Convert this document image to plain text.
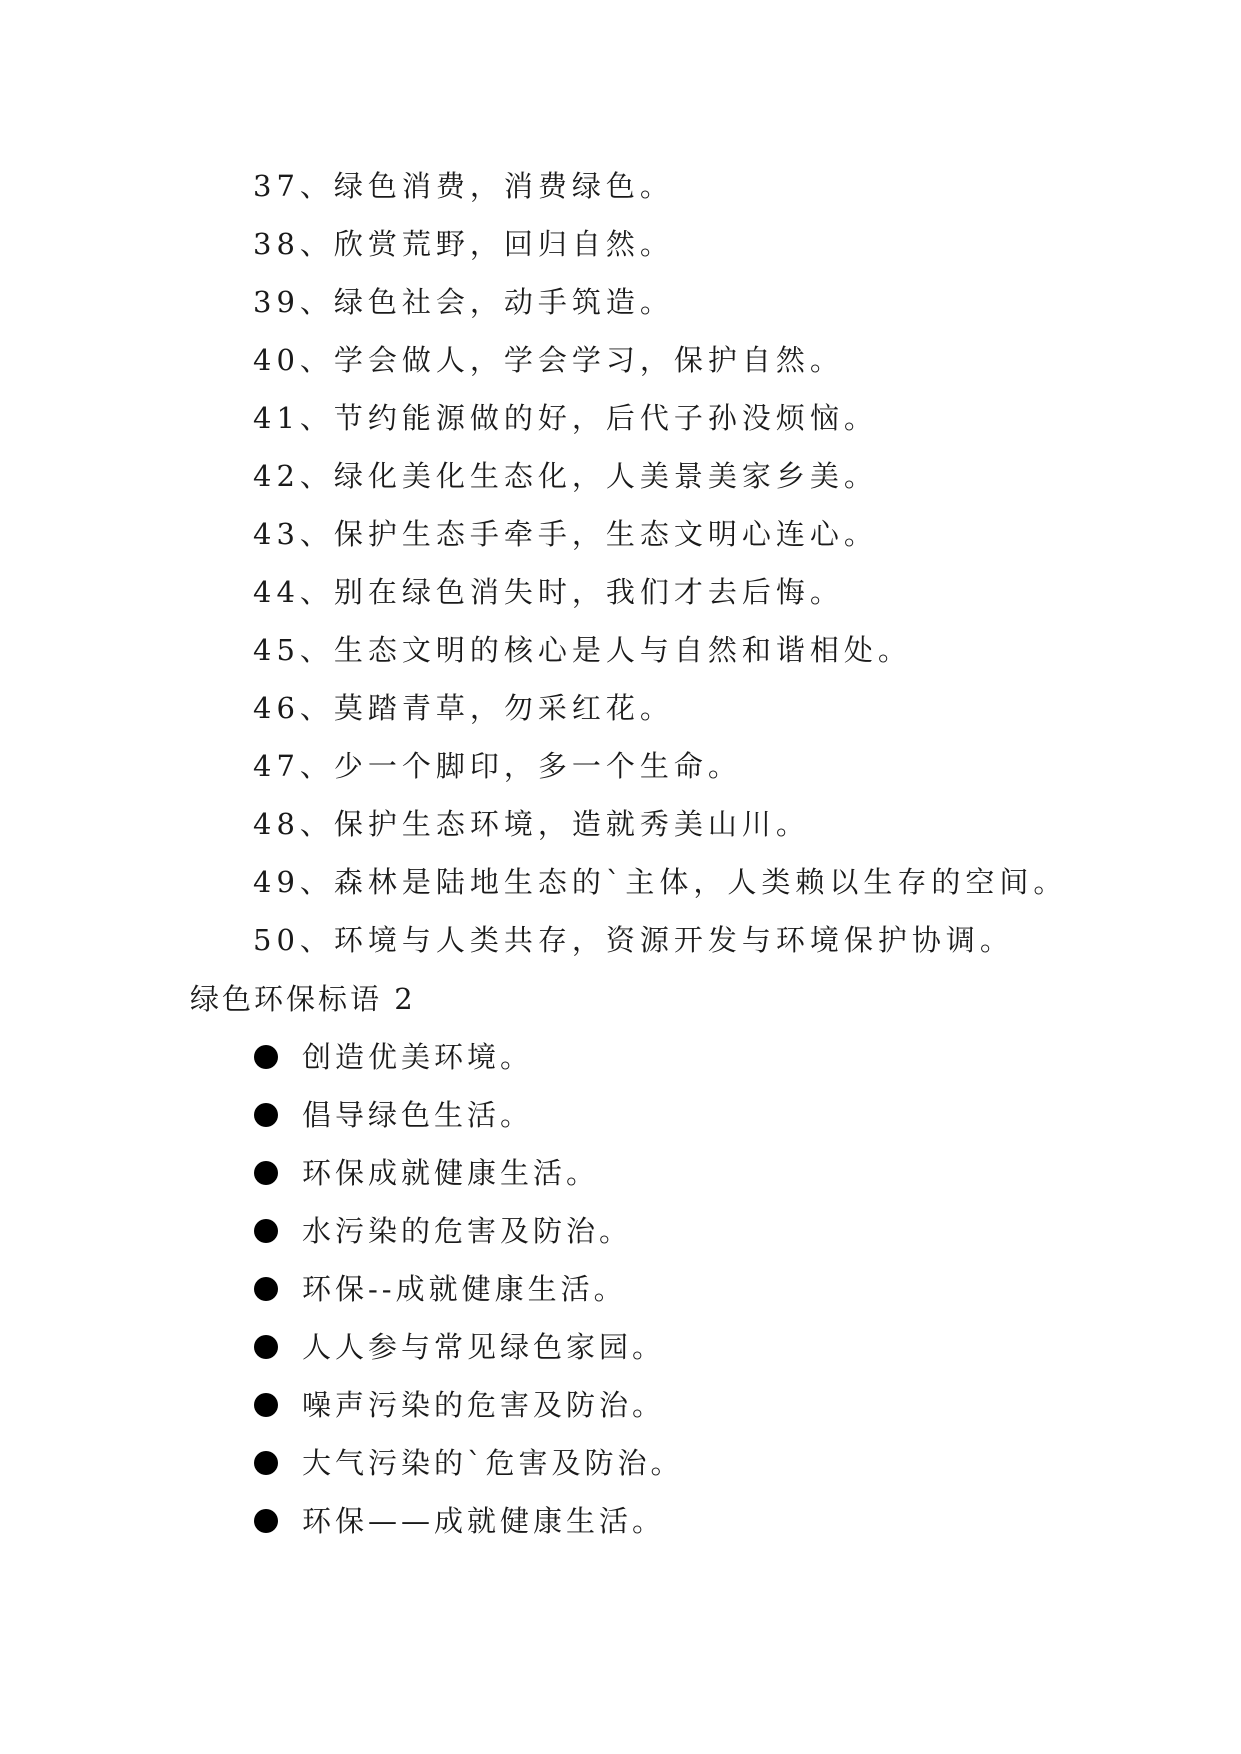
37、绿色消费，消费绿色。
38、欣赏荒野，回归自然。
39、绿色社会，动手筑造。
40、学会做人，学会学习，保护自然。
41、节约能源做的好，后代子孙没烦恼。
42、绿化美化生态化，人美景美家乡美。
43、保护生态手牵手，生态文明心连心。
44、别在绿色消失时，我们才去后悔。
45、生态文明的核心是人与自然和谐相处。
46、莫踏青草，勿采红花。
47、少一个脚印，多一个生命。
48、保护生态环境，造就秀美山川。
49、森林是陆地生态的`主体，人类赖以生存的空间。
50、环境与人类共存，资源开发与环境保护协调。
绿色环保标语 2
创造优美环境。
倡导绿色生活。
环保成就健康生活。
水污染的危害及防治。
环保--成就健康生活。
人人参与常见绿色家园。
噪声污染的危害及防治。
大气污染的`危害及防治。
环保——成就健康生活。
